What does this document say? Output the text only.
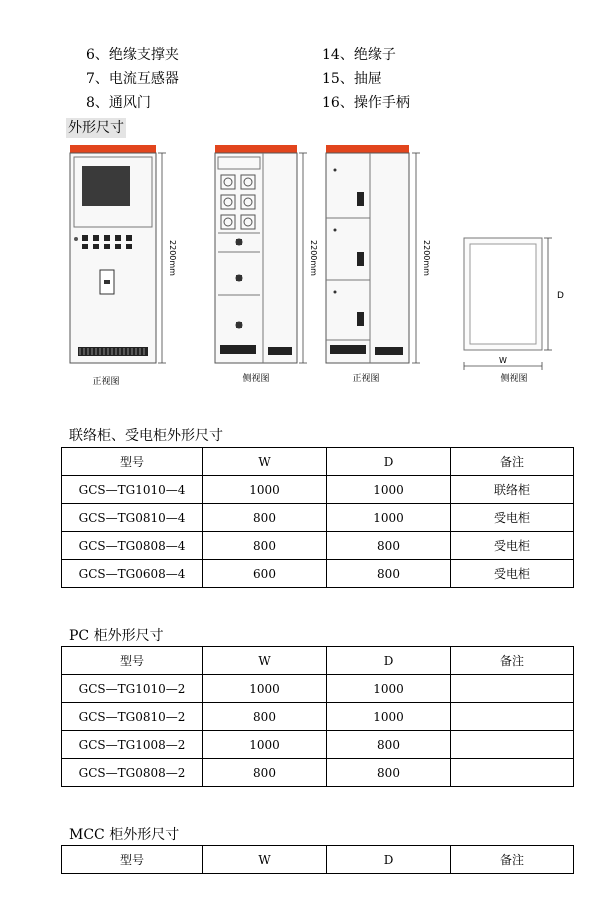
6、绝缘支撑夹	14、绝缘子
7、电流互感器	15、抽屉
8、通风门	16、操作手柄
外形尺寸
2200mm
正视图
2200mm
侧视图
2200mm
正视图
D
W
侧视图
联络柜、受电柜外形尺寸
型号	W	D	备注
GCS—TG1010—4	1000	1000	联络柜
GCS—TG0810—4	800	1000	受电柜
GCS—TG0808—4	800	800	受电柜
GCS—TG0608—4	600	800	受电柜
PC 柜外形尺寸
型号	W	D	备注
GCS—TG1010—2	1000	1000	
GCS—TG0810—2	800	1000	
GCS—TG1008—2	1000	800	
GCS—TG0808—2	800	800	
MCC 柜外形尺寸
型号	W	D	备注
